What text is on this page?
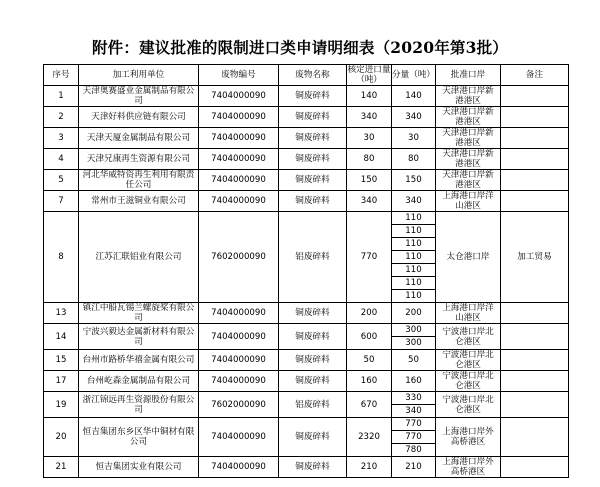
附件：建议批准的限制进口类申请明细表（2020年第3批）
序号	加工利用单位	废物编号	废物名称	核定进口量（吨）	分量（吨）	批准口岸	备注
1	天津奥赛盛业金属制品有限公司	7404000090	铜废碎料	140	140	天津港口岸新港港区	
2	天津好料供应链有限公司	7404000090	铜废碎料	340	340	天津港口岸新港港区	
3	天津天厦金属制品有限公司	7404000090	铜废碎料	30	30	天津港口岸新港港区	
4	天津兄康再生资源有限公司	7404000090	铜废碎料	80	80	天津港口岸新港港区	
5	河北华威特资再生利用有限责任公司	7404000090	铜废碎料	150	150	天津港口岸新港港区	
7	常州市王滋铜业有限公司	7404000090	铜废碎料	340	340	上海港口岸洋山港区	
8	江苏汇联铝业有限公司	7602000090	铝废碎料	770	110	太仓港口岸	加工贸易
					110		
					110		
					110		
					110		
					110		
					110		
13	镇江中船瓦锡兰螺旋桨有限公司	7404000090	铜废碎料	200	200	上海港口岸洋山港区	
14	宁波兴毅达金属新材料有限公司	7404000090	铜废碎料	600	300	宁波港口岸北仑港区	
					300		
15	台州市路桥华禧金属有限公司	7404000090	铜废碎料	50	50	宁波港口岸北仑港区	
17	台州屹森金属制品有限公司	7404000090	铜废碎料	160	160	宁波港口岸北仑港区	
19	浙江锦远再生资源股份有限公司	7602000090	铝废碎料	670	330	宁波港口岸北仑港区	
					340		
20	恒吉集团东乡区华中铜材有限公司	7404000090	铜废碎料	2320	770	上海港口岸外高桥港区	
					770		
					780		
21	恒吉集团实业有限公司	7404000090	铜废碎料	210	210	上海港口岸外高桥港区	
